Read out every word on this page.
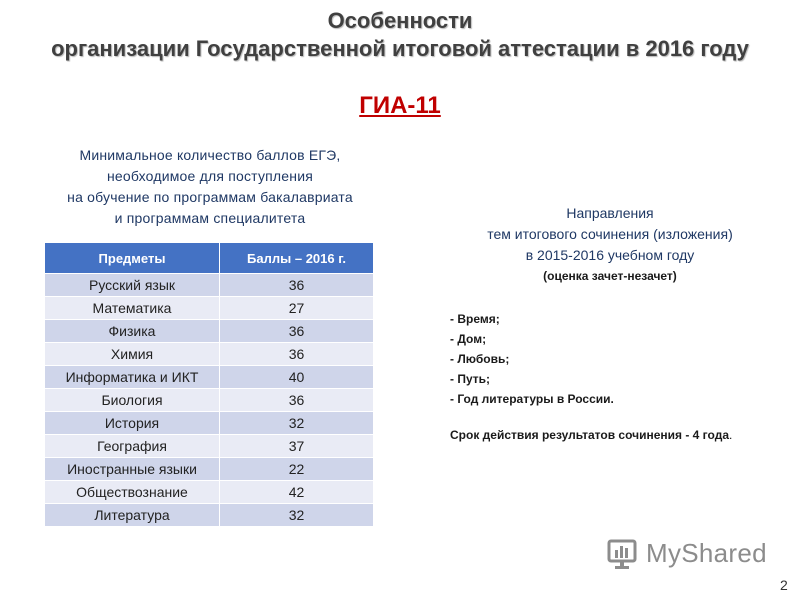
Особенности
организации Государственной итоговой аттестации в 2016 году
ГИА-11
Минимальное количество баллов ЕГЭ,
необходимое для поступления
на обучение по программам бакалавриата
и программам специалитета
Предметы	Баллы – 2016 г.
Русский язык	36
Математика	27
Физика	36
Химия	36
Информатика и ИКТ	40
Биология	36
История	32
География	37
Иностранные языки	22
Обществознание	42
Литература	32
Направления
тем итогового сочинения (изложения)
в 2015-2016 учебном году
(оценка зачет-незачет)
- Время;
- Дом;
- Любовь;
- Путь;
- Год литературы в России.
Срок действия результатов сочинения - 4 года.
MyShared
2
